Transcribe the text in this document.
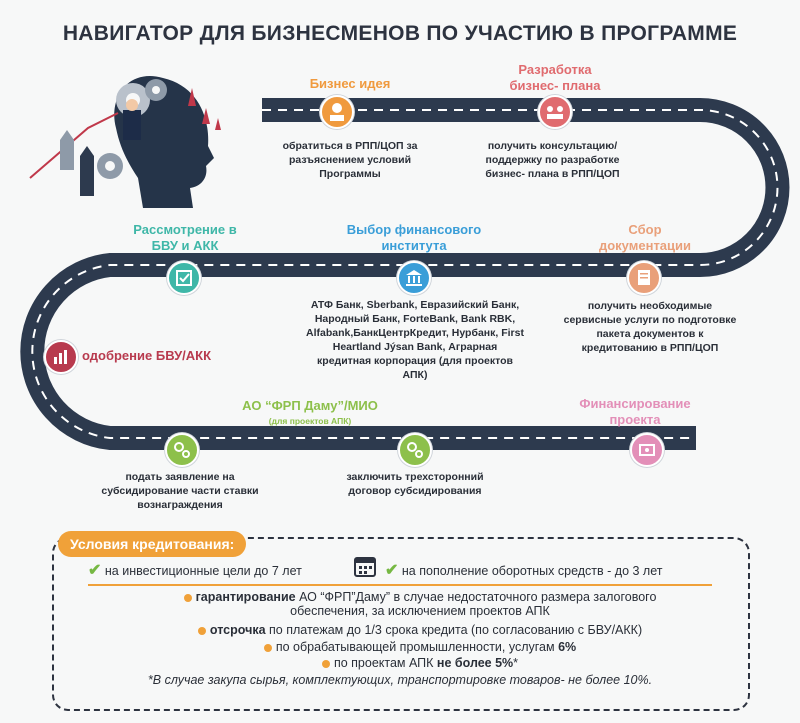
НАВИГАТОР ДЛЯ БИЗНЕСМЕНОВ ПО УЧАСТИЮ В ПРОГРАММЕ
Бизнес идея
обратиться в РПП/ЦОП за разъяснением условий Программы
Разработка бизнес- плана
получить консультацию/ поддержку по разработке бизнес- плана в РПП/ЦОП
Сбор документации
получить необходимые сервисные услуги по подготовке пакета документов к кредитованию в РПП/ЦОП
Выбор финансового института
АТФ Банк, Sberbank, Евразийский Банк, Народный Банк, ForteBank, Bank RBK, Alfabank,БанкЦентрКредит, Нурбанк, First Heartland Jýsan Bank, Аграрная кредитная корпорация (для проектов АПК)
Рассмотрение в БВУ и АКК
одобрение БВУ/АКК
АО “ФРП Даму”/МИО
(для проектов АПК)
подать заявление на субсидирование части ставки вознаграждения
заключить трехсторонний договор субсидирования
Финансирование проекта
Условия кредитования:
✔ на инвестиционные цели до 7 лет	✔ на пополнение оборотных средств - до 3 лет
гарантирование АО “ФРП”Даму” в случае недостаточного размера залогового обеспечения, за исключением проектов АПК
отсрочка по платежам до 1/3 срока кредита (по согласованию с БВУ/АКК)
по обрабатывающей промышленности, услугам 6%
по проектам АПК не более 5%*
*В случае закупа сырья, комплектующих, транспортировке товаров- не более 10%.
